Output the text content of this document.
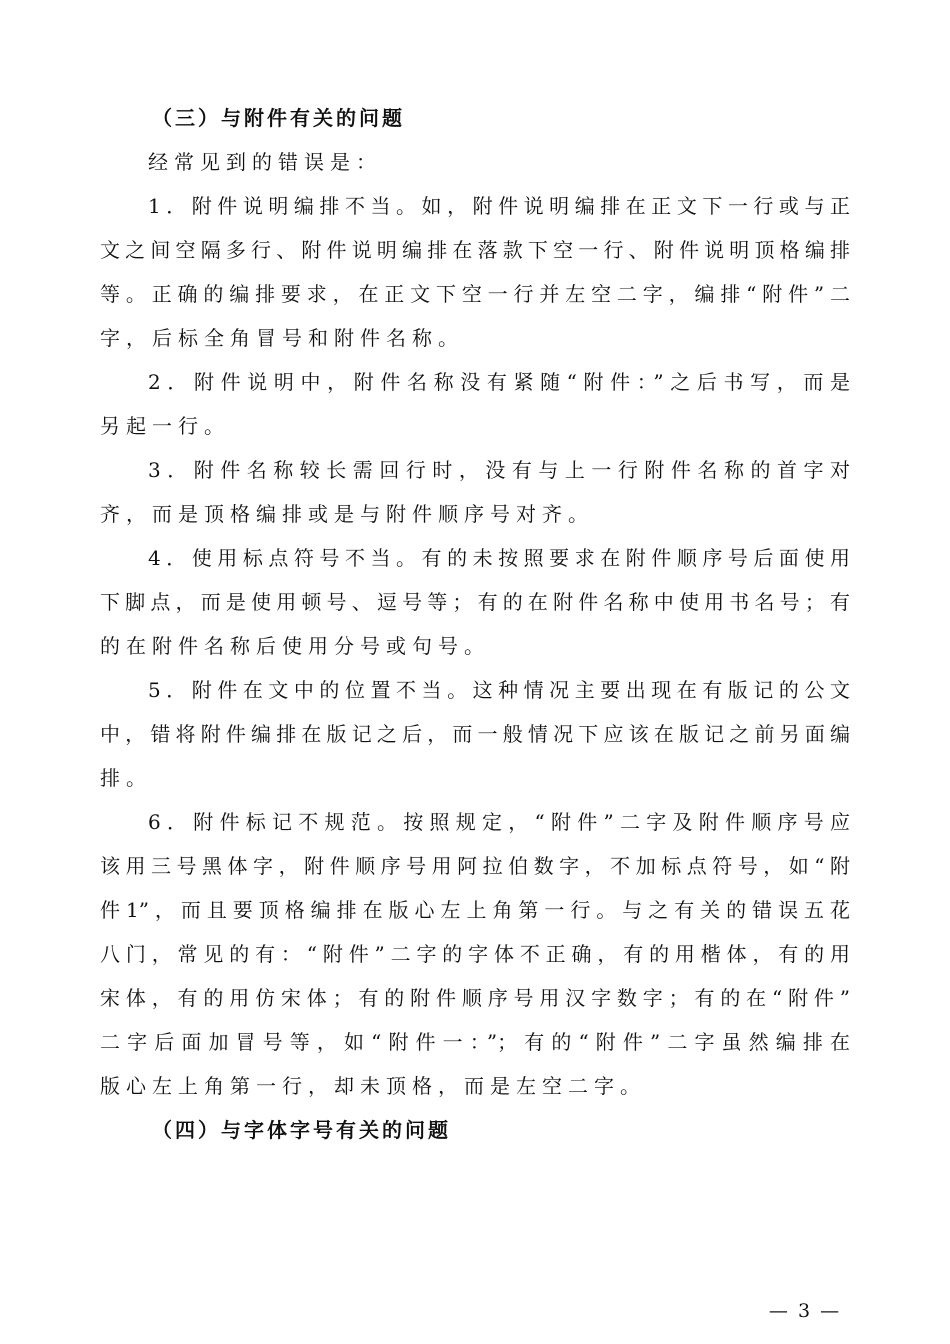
（三）与附件有关的问题
经常见到的错误是：
1．附件说明编排不当。如，附件说明编排在正文下一行或与正
文之间空隔多行、附件说明编排在落款下空一行、附件说明顶格编排
等。正确的编排要求，在正文下空一行并左空二字，编排“附件”二
字，后标全角冒号和附件名称。
2．附件说明中，附件名称没有紧随“附件：”之后书写，而是
另起一行。
3．附件名称较长需回行时，没有与上一行附件名称的首字对
齐，而是顶格编排或是与附件顺序号对齐。
4．使用标点符号不当。有的未按照要求在附件顺序号后面使用
下脚点，而是使用顿号、逗号等；有的在附件名称中使用书名号；有
的在附件名称后使用分号或句号。
5．附件在文中的位置不当。这种情况主要出现在有版记的公文
中，错将附件编排在版记之后，而一般情况下应该在版记之前另面编
排。
6．附件标记不规范。按照规定，“附件”二字及附件顺序号应
该用三号黑体字，附件顺序号用阿拉伯数字，不加标点符号，如“附
件1”，而且要顶格编排在版心左上角第一行。与之有关的错误五花
八门，常见的有：“附件”二字的字体不正确，有的用楷体，有的用
宋体，有的用仿宋体；有的附件顺序号用汉字数字；有的在“附件”
二字后面加冒号等，如“附件一：”；有的“附件”二字虽然编排在
版心左上角第一行，却未顶格，而是左空二字。
（四）与字体字号有关的问题
— 3 —
